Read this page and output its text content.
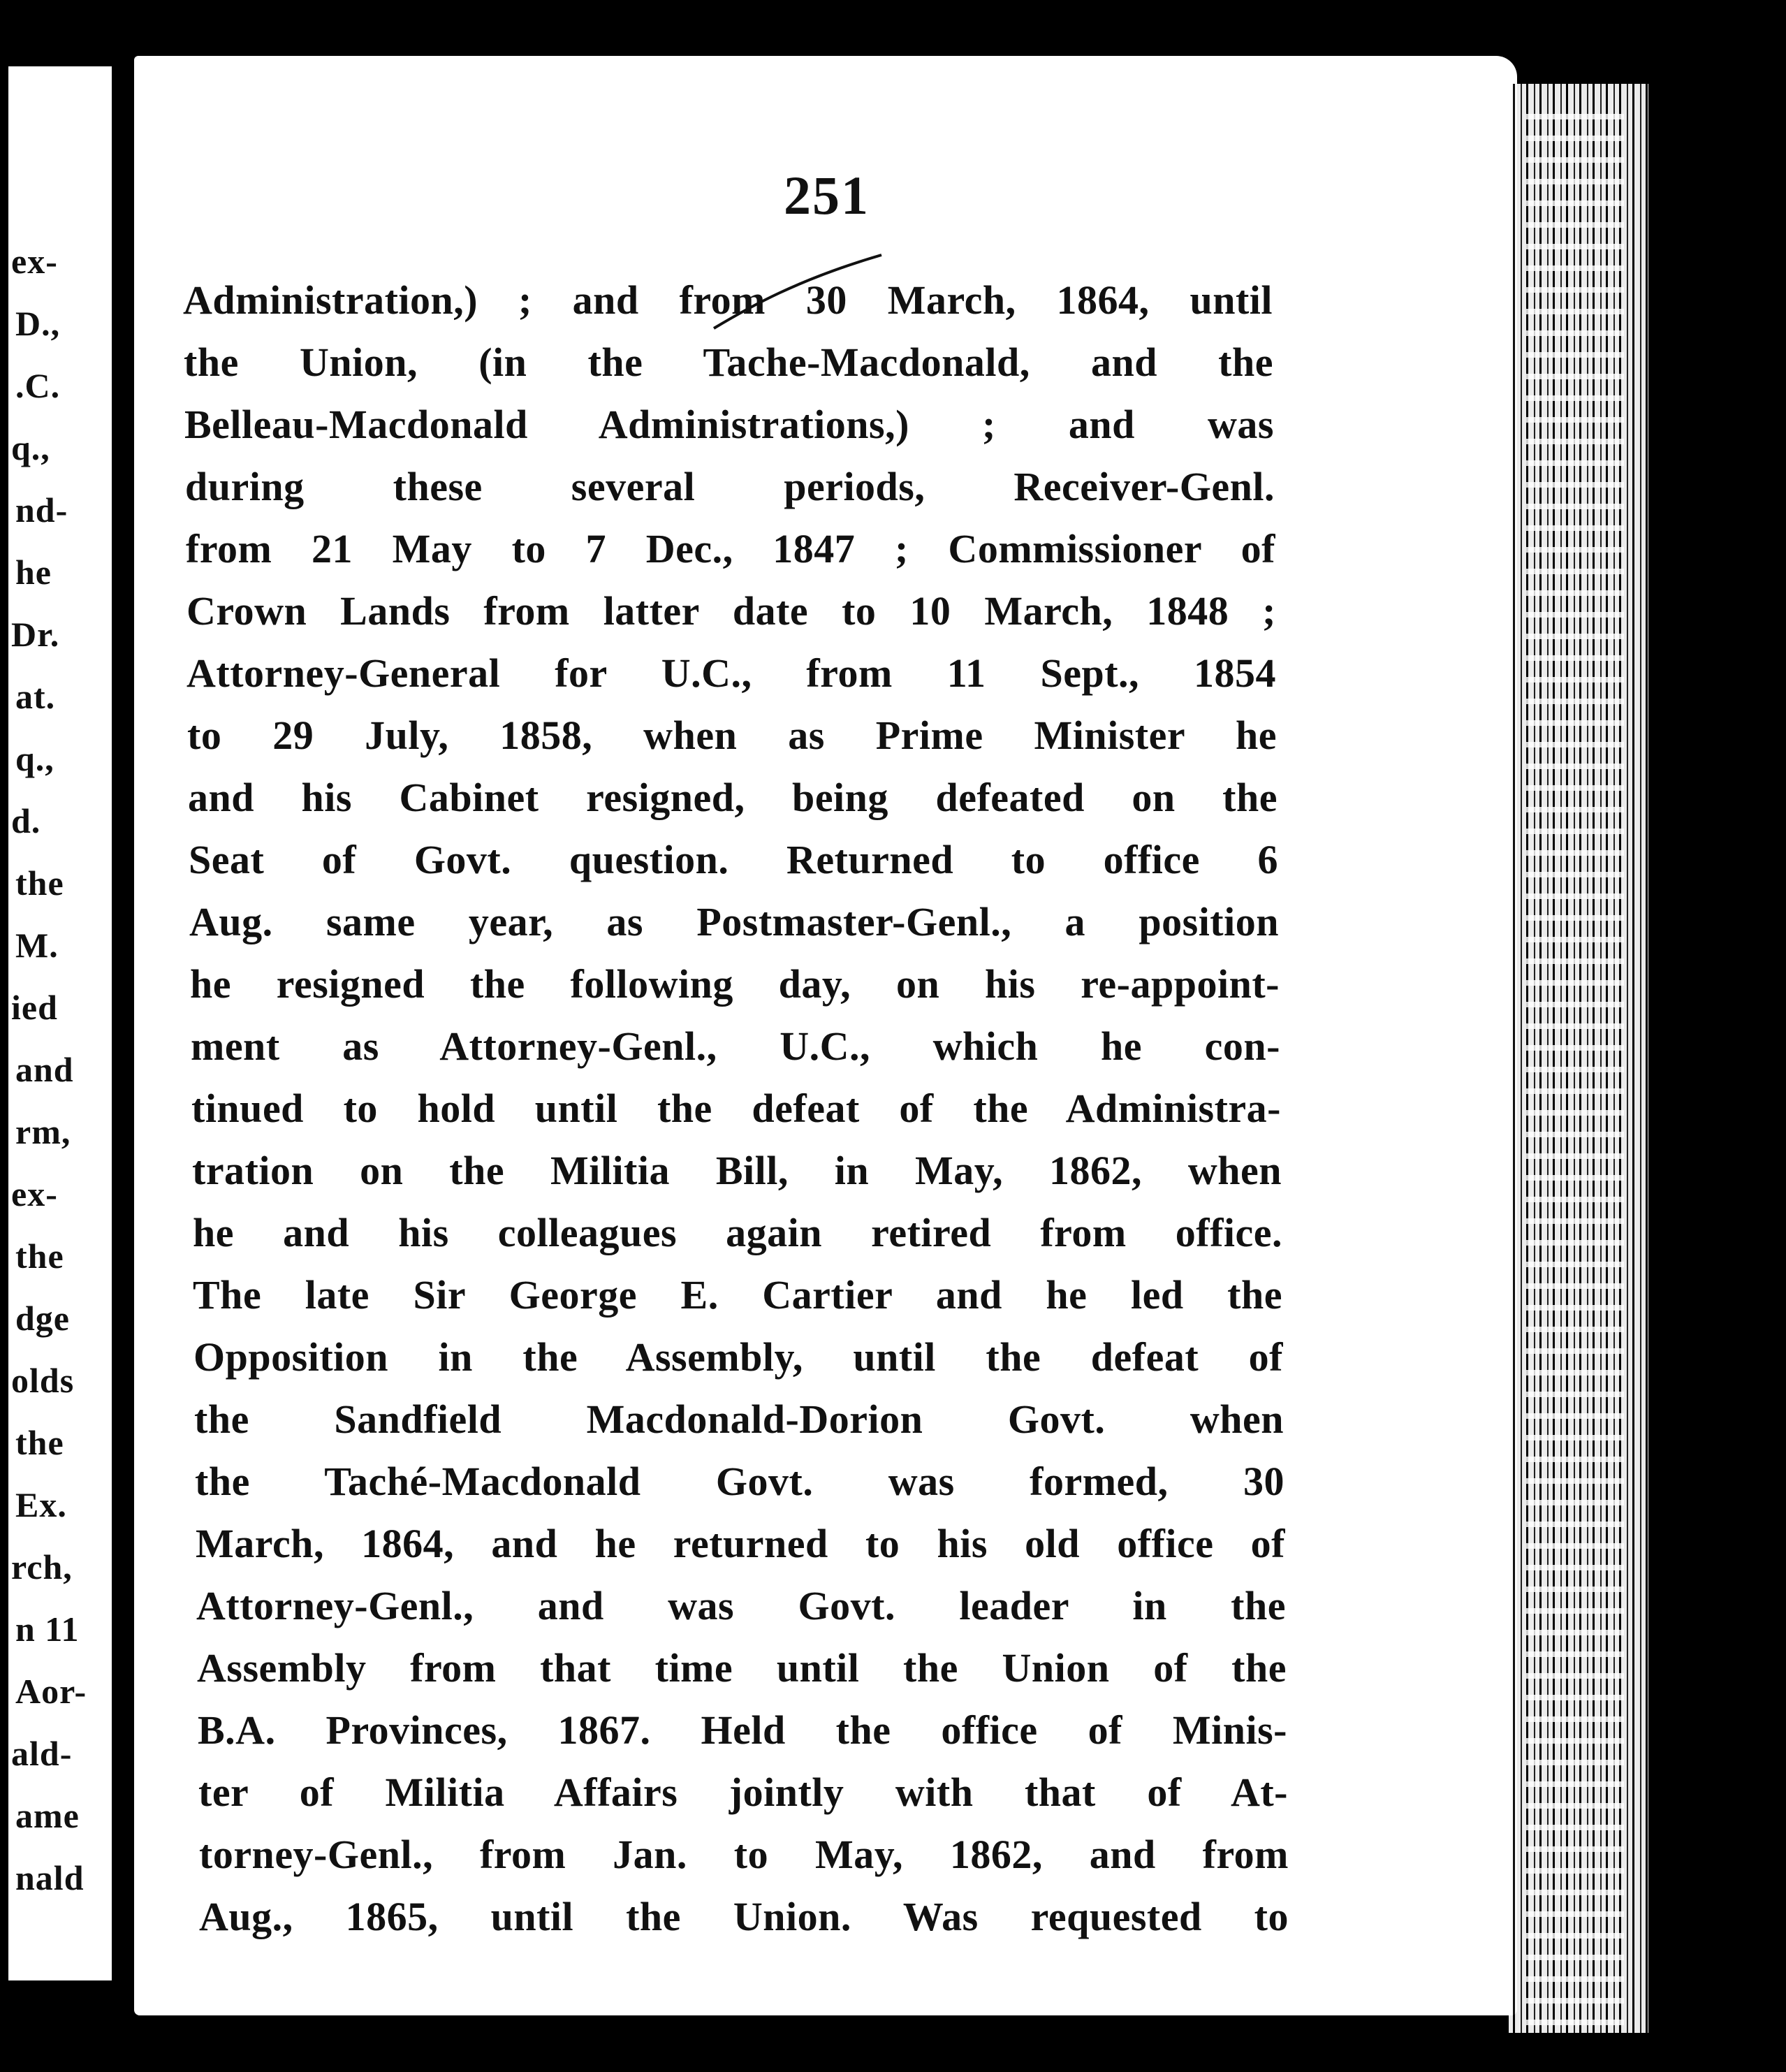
ex-
D.,
.C.
q.,
nd-
he
Dr.
at.
q.,
d.
the
M.
ied
and
rm,
ex-
the
dge
olds
the
Ex.
rch,
n 11
Aor-
ald-
ame
nald
251
Administration,) ; and from 30 March, 1864, until
the Union, (in the Tache-Macdonald, and the
Belleau-Macdonald Administrations,) ; and was
during these several periods, Receiver-Genl.
from 21 May to 7 Dec., 1847 ; Commissioner of
Crown Lands from latter date to 10 March, 1848 ;
Attorney-General for U.C., from 11 Sept., 1854
to 29 July, 1858, when as Prime Minister he
and his Cabinet resigned, being defeated on the
Seat of Govt. question. Returned to office 6
Aug. same year, as Postmaster-Genl., a position
he resigned the following day, on his re-appoint-
ment as Attorney-Genl., U.C., which he con-
tinued to hold until the defeat of the Administra-
tration on the Militia Bill, in May, 1862, when
he and his colleagues again retired from office.
The late Sir George E. Cartier and he led the
Opposition in the Assembly, until the defeat of
the Sandfield Macdonald-Dorion Govt. when
the Taché-Macdonald Govt. was formed, 30
March, 1864, and he returned to his old office of
Attorney-Genl., and was Govt. leader in the
Assembly from that time until the Union of the
B.A. Provinces, 1867. Held the office of Minis-
ter of Militia Affairs jointly with that of At-
torney-Genl., from Jan. to May, 1862, and from
Aug., 1865, until the Union. Was requested to
